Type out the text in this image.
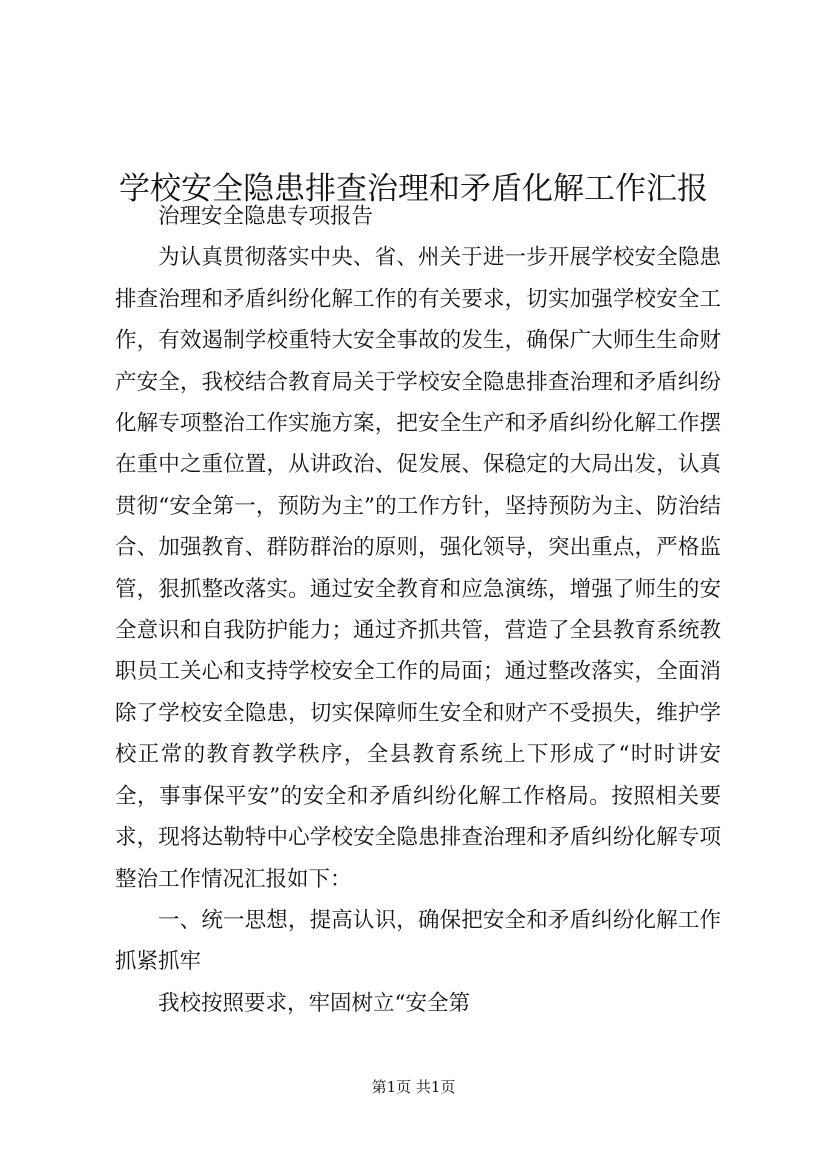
学校安全隐患排查治理和矛盾化解工作汇报

治理安全隐患专项报告

为认真贯彻落实中央、省、州关于进一步开展学校安全隐患排查治理和矛盾纠纷化解工作的有关要求，切实加强学校安全工作，有效遏制学校重特大安全事故的发生，确保广大师生生命财产安全，我校结合教育局关于学校安全隐患排查治理和矛盾纠纷化解专项整治工作实施方案，把安全生产和矛盾纠纷化解工作摆在重中之重位置，从讲政治、促发展、保稳定的大局出发，认真贯彻“安全第一，预防为主”的工作方针，坚持预防为主、防治结合、加强教育、群防群治的原则，强化领导，突出重点，严格监管，狠抓整改落实。通过安全教育和应急演练，增强了师生的安全意识和自我防护能力；通过齐抓共管，营造了全县教育系统教职员工关心和支持学校安全工作的局面；通过整改落实，全面消除了学校安全隐患，切实保障师生安全和财产不受损失，维护学校正常的教育教学秩序，全县教育系统上下形成了“时时讲安全，事事保平安”的安全和矛盾纠纷化解工作格局。按照相关要求，现将达勒特中心学校安全隐患排查治理和矛盾纠纷化解专项整治工作情况汇报如下：

一、统一思想，提高认识，确保把安全和矛盾纠纷化解工作抓紧抓牢

我校按照要求，牢固树立“安全第

第1页 共1页
